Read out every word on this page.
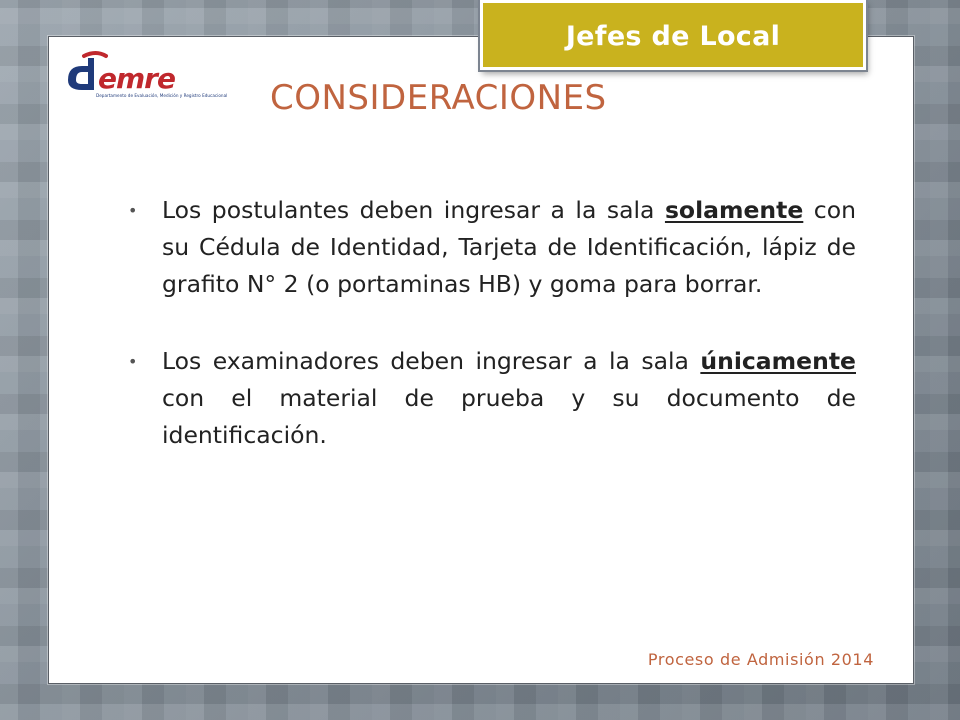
Jefes de Local
emre
Departamento de Evaluación, Medición y Registro Educacional CONSIDERACIONES
• Los postulantes deben ingresar a la sala solamente con su Cédula de Identidad, Tarjeta de Identificación, lápiz de grafito N° 2 (o portaminas HB) y goma para borrar.
• Los examinadores deben ingresar a la sala únicamente con el material de prueba y su documento de identificación.
Proceso de Admisión 2014
